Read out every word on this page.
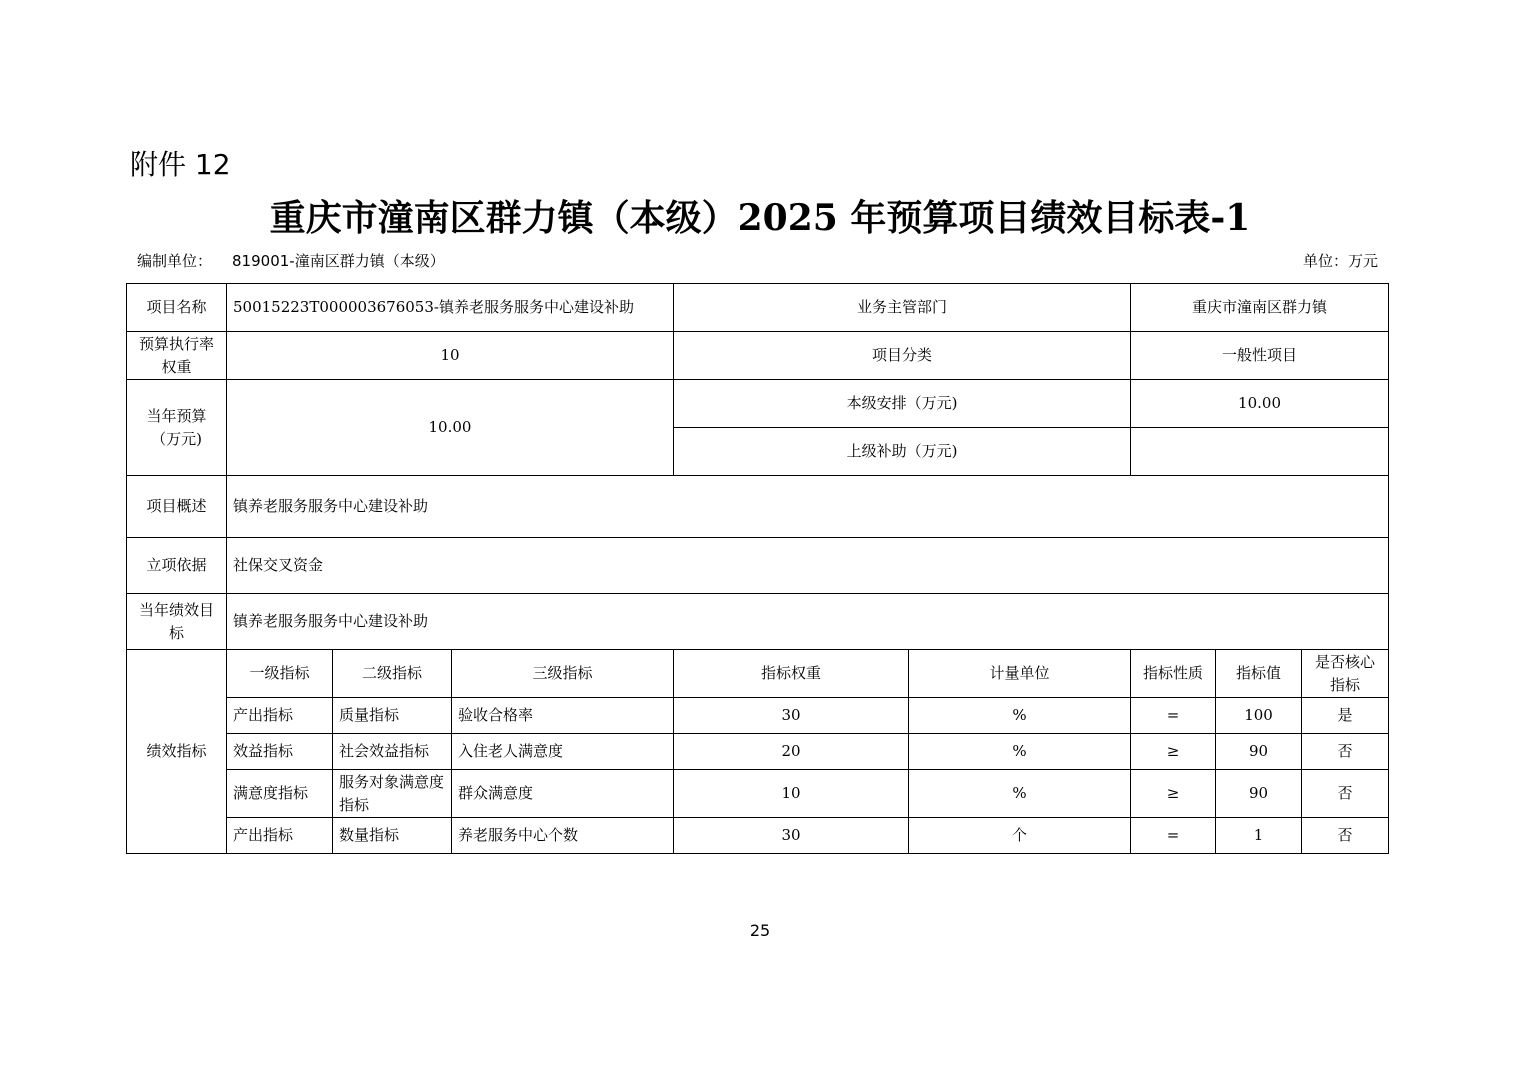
附件 12
重庆市潼南区群力镇（本级）2025 年预算项目绩效目标表-1
编制单位： 819001-潼南区群力镇（本级）	单位：万元
项目名称	50015223T000003676053-镇养老服务服务中心建设补助			业务主管部门		重庆市潼南区群力镇		
预算执行率权重	10			项目分类		一般性项目		
当年预算（万元)	10.00			本级安排（万元)		10.00		
				上级补助（万元)				
项目概述	镇养老服务服务中心建设补助							
立项依据	社保交叉资金							
当年绩效目标	镇养老服务服务中心建设补助							
绩效指标	一级指标	二级指标	三级指标	指标权重	计量单位	指标性质	指标值	是否核心指标
	产出指标	质量指标	验收合格率	30	%	=	100	是
	效益指标	社会效益指标	入住老人满意度	20	%	≥	90	否
	满意度指标	服务对象满意度指标	群众满意度	10	%	≥	90	否
	产出指标	数量指标	养老服务中心个数	30	个	=	1	否
25
